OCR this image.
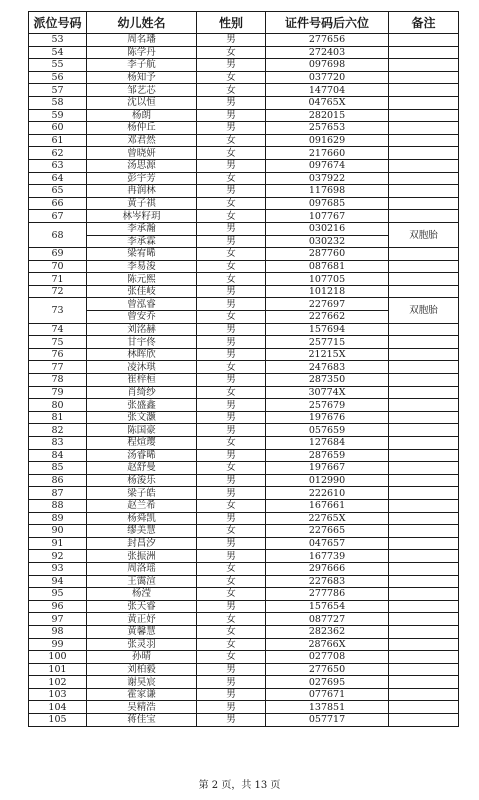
派位号码	幼儿姓名	性别	证件号码后六位	备注
53	周名璠	男	277656	
54	陈学丹	女	272403	
55	李子航	男	097698	
56	杨知予	女	037720	
57	邹艺芯	女	147704	
58	沈以恒	男	04765X	
59	杨朗	男	282015	
60	杨仲丘	男	257653	
61	邓君然	女	091629	
62	曾晓妍	女	217660	
63	汤思源	男	097674	
64	彭宇芳	女	037922	
65	冉润林	男	117698	
66	黄子祺	女	097685	
67	林岑籽玥	女	107767	
68	李承瀚	男	030216	双胞胎
	李承霖	男	030232	
69	梁宥晞	女	287760	
70	李易浚	女	087681	
71	陈元熙	女	107705	
72	张佳岐	男	101218	
73	曾泓睿	男	227697	双胞胎
	曾安乔	女	227662	
74	刘洺赫	男	157694	
75	甘宇佟	男	257715	
76	林晖欣	男	21215X	
77	凌沐琪	女	247683	
78	崔梓桓	男	287350	
79	肖绮纱	女	30774X	
80	张盛鑫	男	257679	
81	张文灏	男	197676	
82	陈国豪	男	057659	
83	程煊璎	女	127684	
84	汤睿晞	男	287659	
85	赵舒曼	女	197667	
86	杨浚乐	男	012990	
87	梁子皓	男	222610	
88	赵兰希	女	167661	
89	杨舜凯	男	22765X	
90	缪美慧	女	227665	
91	封昌汐	男	047657	
92	张振洲	男	167739	
93	周洛瑶	女	297666	
94	王霭渲	女	227683	
95	杨滢	女	277786	
96	张天睿	男	157654	
97	黄正妤	女	087727	
98	黄馨慧	女	282362	
99	张灵羽	女	28766X	
100	孙晴	女	027708	
101	刘柏毅	男	277650	
102	谢昊宸	男	027695	
103	霍家谦	男	077671	
104	吴精浩	男	137851	
105	蒋佳宝	男	057717	
第 2 页，共 13 页
